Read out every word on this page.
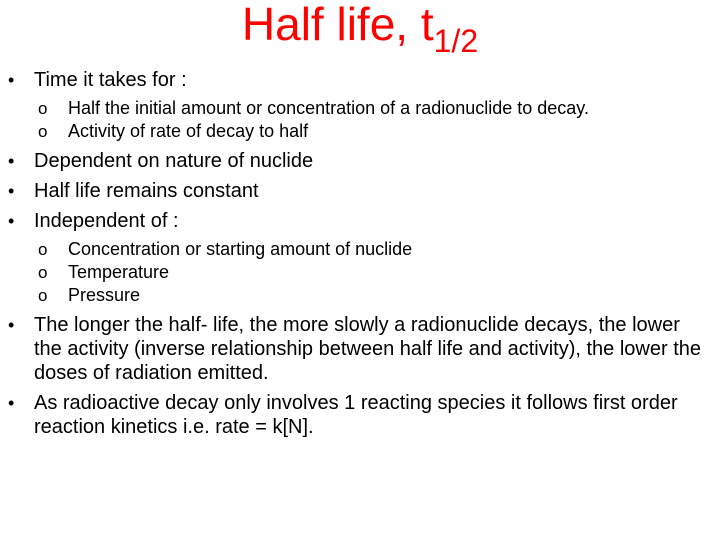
Half life, $t_{1/2}$
• Time it takes for :
o Half the initial amount or concentration of a radionuclide to decay.
o Activity of rate of decay to half
• Dependent on nature of nuclide
• Half life remains constant
• Independent of :
o Concentration or starting amount of nuclide
o Temperature
o Pressure
• The longer the half- life, the more slowly a radionuclide decays, the lower the activity (inverse relationship between half life and activity), the lower the doses of radiation emitted.
• As radioactive decay only involves 1 reacting species it follows first order reaction kinetics i.e. rate = k[N].
